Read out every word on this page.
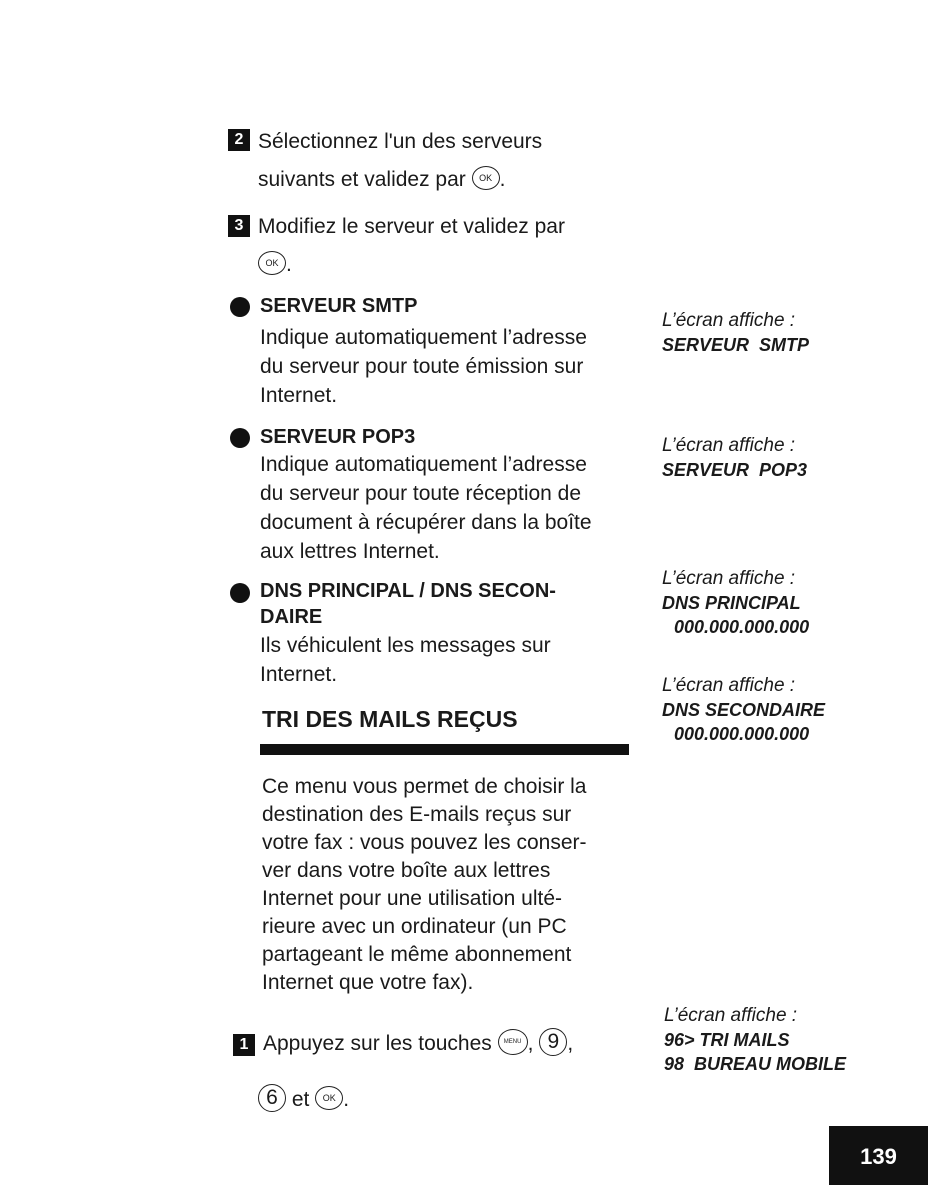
2 Sélectionnez l'un des serveurs
suivants et validez par OK .
3 Modifiez le serveur et validez par
OK .
SERVEUR SMTP
Indique automatiquement l’adresse
du serveur pour toute émission sur
Internet.
SERVEUR POP3
Indique automatiquement l’adresse
du serveur pour toute réception de
document à récupérer dans la boîte
aux lettres Internet.
DNS PRINCIPAL / DNS SECON-
DAIRE
Ils véhiculent les messages sur
Internet.
TRI DES MAILS REÇUS
Ce menu vous permet de choisir la
destination des E-mails reçus sur
votre fax : vous pouvez les conser-
ver dans votre boîte aux lettres
Internet pour une utilisation ulté-
rieure avec un ordinateur (un PC
partageant le même abonnement
Internet que votre fax).
1 Appuyez sur les touches MENU , 9 ,
6 et OK .
L’écran affiche :
SERVEUR  SMTP
L’écran affiche :
SERVEUR  POP3
L’écran affiche :
DNS PRINCIPAL
000.000.000.000
L’écran affiche :
DNS SECONDAIRE
000.000.000.000
L’écran affiche :
96> TRI MAILS
98  BUREAU MOBILE
139
